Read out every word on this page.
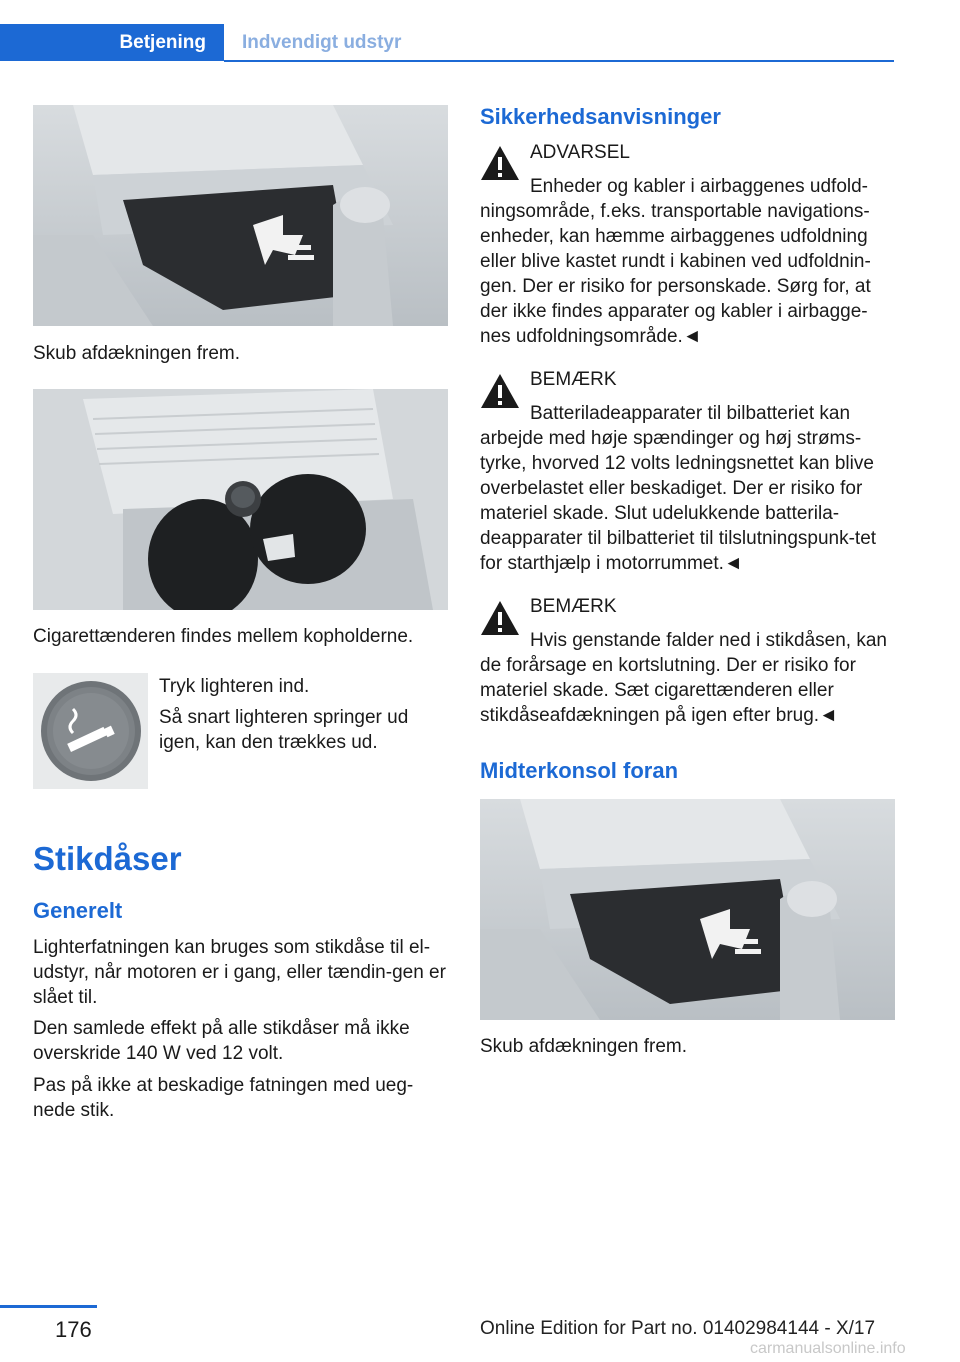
Betjening	Indvendigt udstyr

Skub afdækningen frem.

Cigarettænderen findes mellem kopholderne.

Tryk lighteren ind.

Så snart lighteren springer ud igen, kan den trækkes ud.

Stikdåser
Generelt

Lighterfatningen kan bruges som stikdåse til el-udstyr, når motoren er i gang, eller tændin-gen er slået til.

Den samlede effekt på alle stikdåser må ikke overskride 140 W ved 12 volt.

Pas på ikke at beskadige fatningen med ueg-nede stik.

Sikkerhedsanvisninger
ADVARSEL

Enheder og kabler i airbaggenes udfold-ningsområde, f.eks. transportable navigations-enheder, kan hæmme airbaggenes udfoldning eller blive kastet rundt i kabinen ved udfoldnin-gen. Der er risiko for personskade. Sørg for, at der ikke findes apparater og kabler i airbagge-nes udfoldningsområde.◄

BEMÆRK

Batteriladeapparater til bilbatteriet kan arbejde med høje spændinger og høj strøms-tyrke, hvorved 12 volts ledningsnettet kan blive overbelastet eller beskadiget. Der er risiko for materiel skade. Slut udelukkende batterila-deapparater til bilbatteriet til tilslutningspunk-tet for starthjælp i motorrummet.◄

BEMÆRK

Hvis genstande falder ned i stikdåsen, kan de forårsage en kortslutning. Der er risiko for materiel skade. Sæt cigarettænderen eller stikdåseafdækningen på igen efter brug.◄

Midterkonsol foran

Skub afdækningen frem.

176	Online Edition for Part no. 01402984144 - X/17
carmanualsonline.info
